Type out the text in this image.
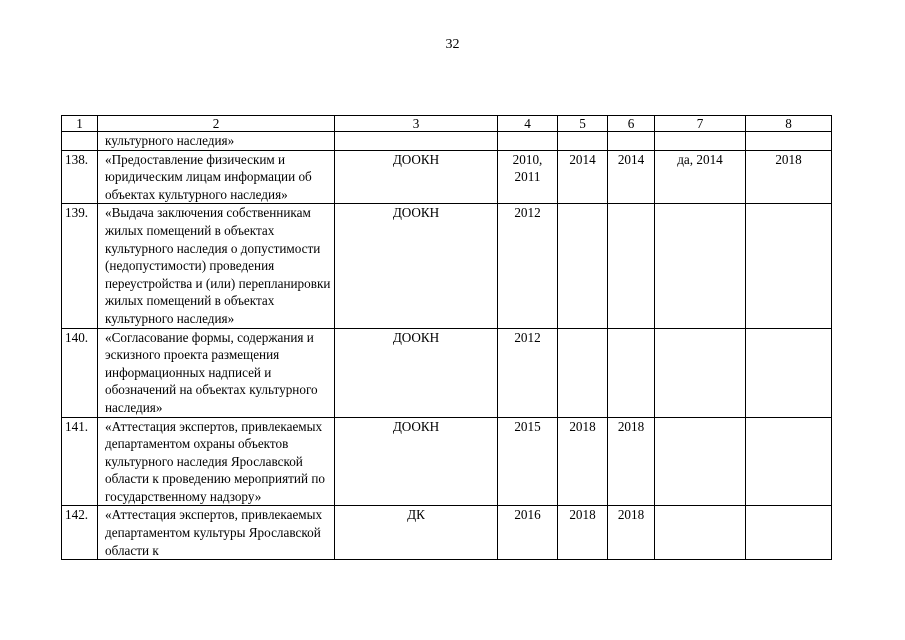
32
1	2	3	4	5	6	7	8
	культурного наследия»						
138.	«Предоставление физическим и юридическим лицам информации об объектах культурного наследия»	ДООКН	2010, 2011	2014	2014	да, 2014	2018
139.	«Выдача заключения собственникам жилых помещений в объектах культурного наследия о допустимости (недопустимости) проведения переустройства и (или) перепланировки жилых помещений в объектах культурного наследия»	ДООКН	2012				
140.	«Согласование формы, содержания и эскизного проекта размещения информационных надписей и обозначений на объектах культурного наследия»	ДООКН	2012				
141.	«Аттестация экспертов, привлекаемых департаментом охраны объектов культурного наследия Ярославской области к проведению мероприятий по государственному надзору»	ДООКН	2015	2018	2018		
142.	«Аттестация экспертов, привлекаемых департаментом культуры Ярославской области к	ДК	2016	2018	2018		
